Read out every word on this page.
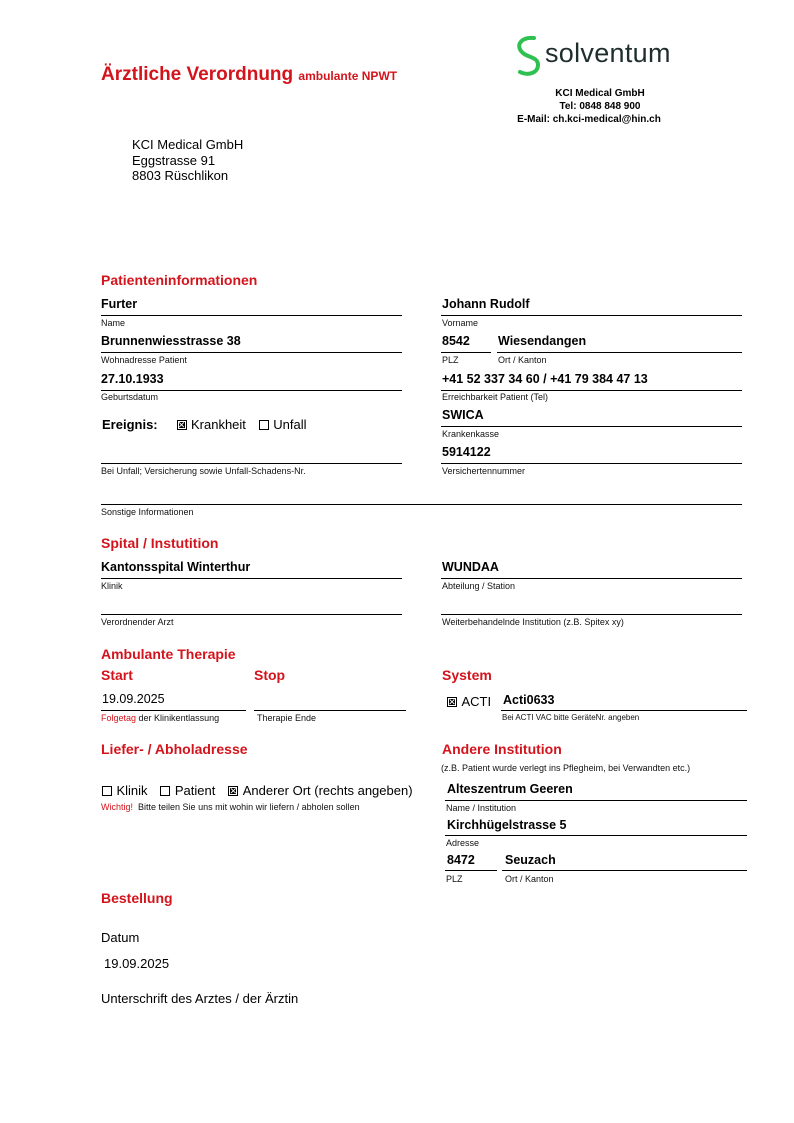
Ärztliche Verordnung ambulante NPWT
solventum
KCI Medical GmbH
Tel: 0848 848 900
E-Mail: ch.kci-medical@hin.ch
KCI Medical GmbH
Eggstrasse 91
8803 Rüschlikon
Patienteninformationen
Furter
Name
Johann Rudolf
Vorname
Brunnenwiesstrasse 38
Wohnadresse Patient
8542
PLZ
Wiesendangen
Ort / Kanton
27.10.1933
Geburtsdatum
+41 52 337 34 60 / +41 79 384 47 13
Erreichbarkeit Patient (Tel)
Ereignis: ✕	Krankheit Unfall
SWICA
Krankenkasse
Bei Unfall; Versicherung sowie Unfall-Schadens-Nr.
5914122
Versichertennummer
Sonstige Informationen
Spital / Instutition
Kantonsspital Winterthur
Klinik
WUNDAA
Abteilung / Station
Verordnender Arzt	Weiterbehandelnde Institution (z.B. Spitex xy)
Ambulante Therapie
Start	Stop	System
19.09.2025
Folgetag der Klinikentlassung	Therapie Ende
✕ ACTI Acti0633
Bei ACTI VAC bitte GeräteNr. angeben
Liefer- / Abholadresse
Klinik Patient ✕ Anderer Ort (rechts angeben)
Wichtig! Bitte teilen Sie uns mit wohin wir liefern / abholen sollen
Andere Institution
(z.B. Patient wurde verlegt ins Pflegheim, bei Verwandten etc.)
Alteszentrum Geeren
Name / Institution
Kirchhügelstrasse 5
Adresse
8472
PLZ
Seuzach
Ort / Kanton
Bestellung
Datum
19.09.2025
Unterschrift des Arztes / der Ärztin
